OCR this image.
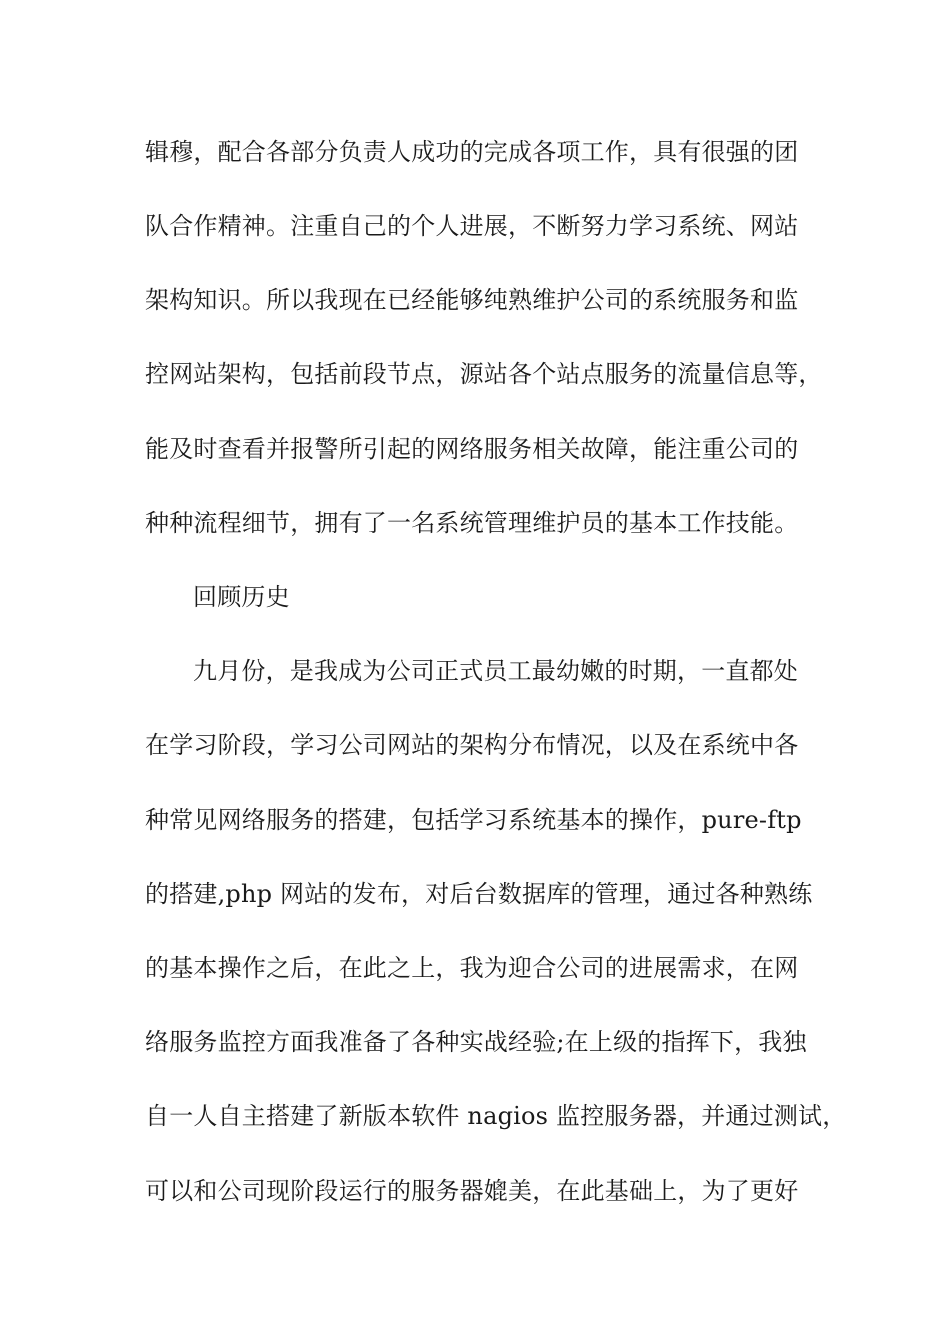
辑穆，配合各部分负责人成功的完成各项工作，具有很强的团
队合作精神。注重自己的个人进展，不断努力学习系统、网站
架构知识。所以我现在已经能够纯熟维护公司的系统服务和监
控网站架构，包括前段节点，源站各个站点服务的流量信息等，
能及时查看并报警所引起的网络服务相关故障，能注重公司的
种种流程细节，拥有了一名系统管理维护员的基本工作技能。
回顾历史
九月份，是我成为公司正式员工最幼嫩的时期，一直都处
在学习阶段，学习公司网站的架构分布情况，以及在系统中各
种常见网络服务的搭建，包括学习系统基本的操作，pure-ftp
的搭建,php 网站的发布，对后台数据库的管理，通过各种熟练
的基本操作之后，在此之上，我为迎合公司的进展需求，在网
络服务监控方面我准备了各种实战经验;在上级的指挥下，我独
自一人自主搭建了新版本软件 nagios 监控服务器，并通过测试，
可以和公司现阶段运行的服务器媲美，在此基础上，为了更好
